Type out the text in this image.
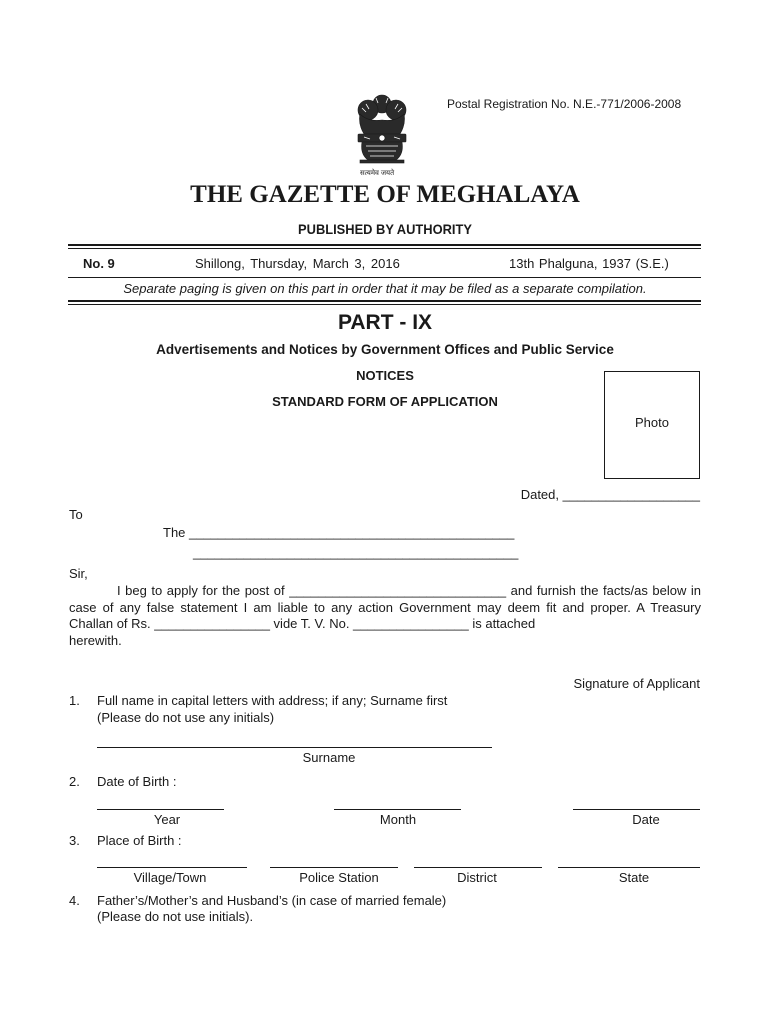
Postal Registration No. N.E.-771/2006-2008
सत्यमेव जयते
THE GAZETTE OF MEGHALAYA
PUBLISHED BY AUTHORITY
No. 9	Shillong, Thursday, March 3, 2016	13th Phalguna, 1937 (S.E.)
Separate paging is given on this part in order that it may be filed as a separate compilation.
PART - IX
Advertisements and Notices by Government Offices and Public Service
NOTICES
STANDARD FORM OF APPLICATION
Photo
Dated, ___________________
To
The _____________________________________________
_____________________________________________
Sir,
I beg to apply for the post of ______________________________ and furnish the facts/as below in case of any false statement I am liable to any action Government may deem fit and proper. A Treasury Challan of Rs. ________________ vide T. V. No. ________________ is attached
herewith.
Signature of Applicant
1. Full name in capital letters with address; if any; Surname first
(Please do not use any initials)
Surname
2. Date of Birth :
Year	Month	Date
3. Place of Birth :
Village/Town	Police Station	District	State
4. Father’s/Mother’s and Husband’s (in case of married female)
(Please do not use initials).
